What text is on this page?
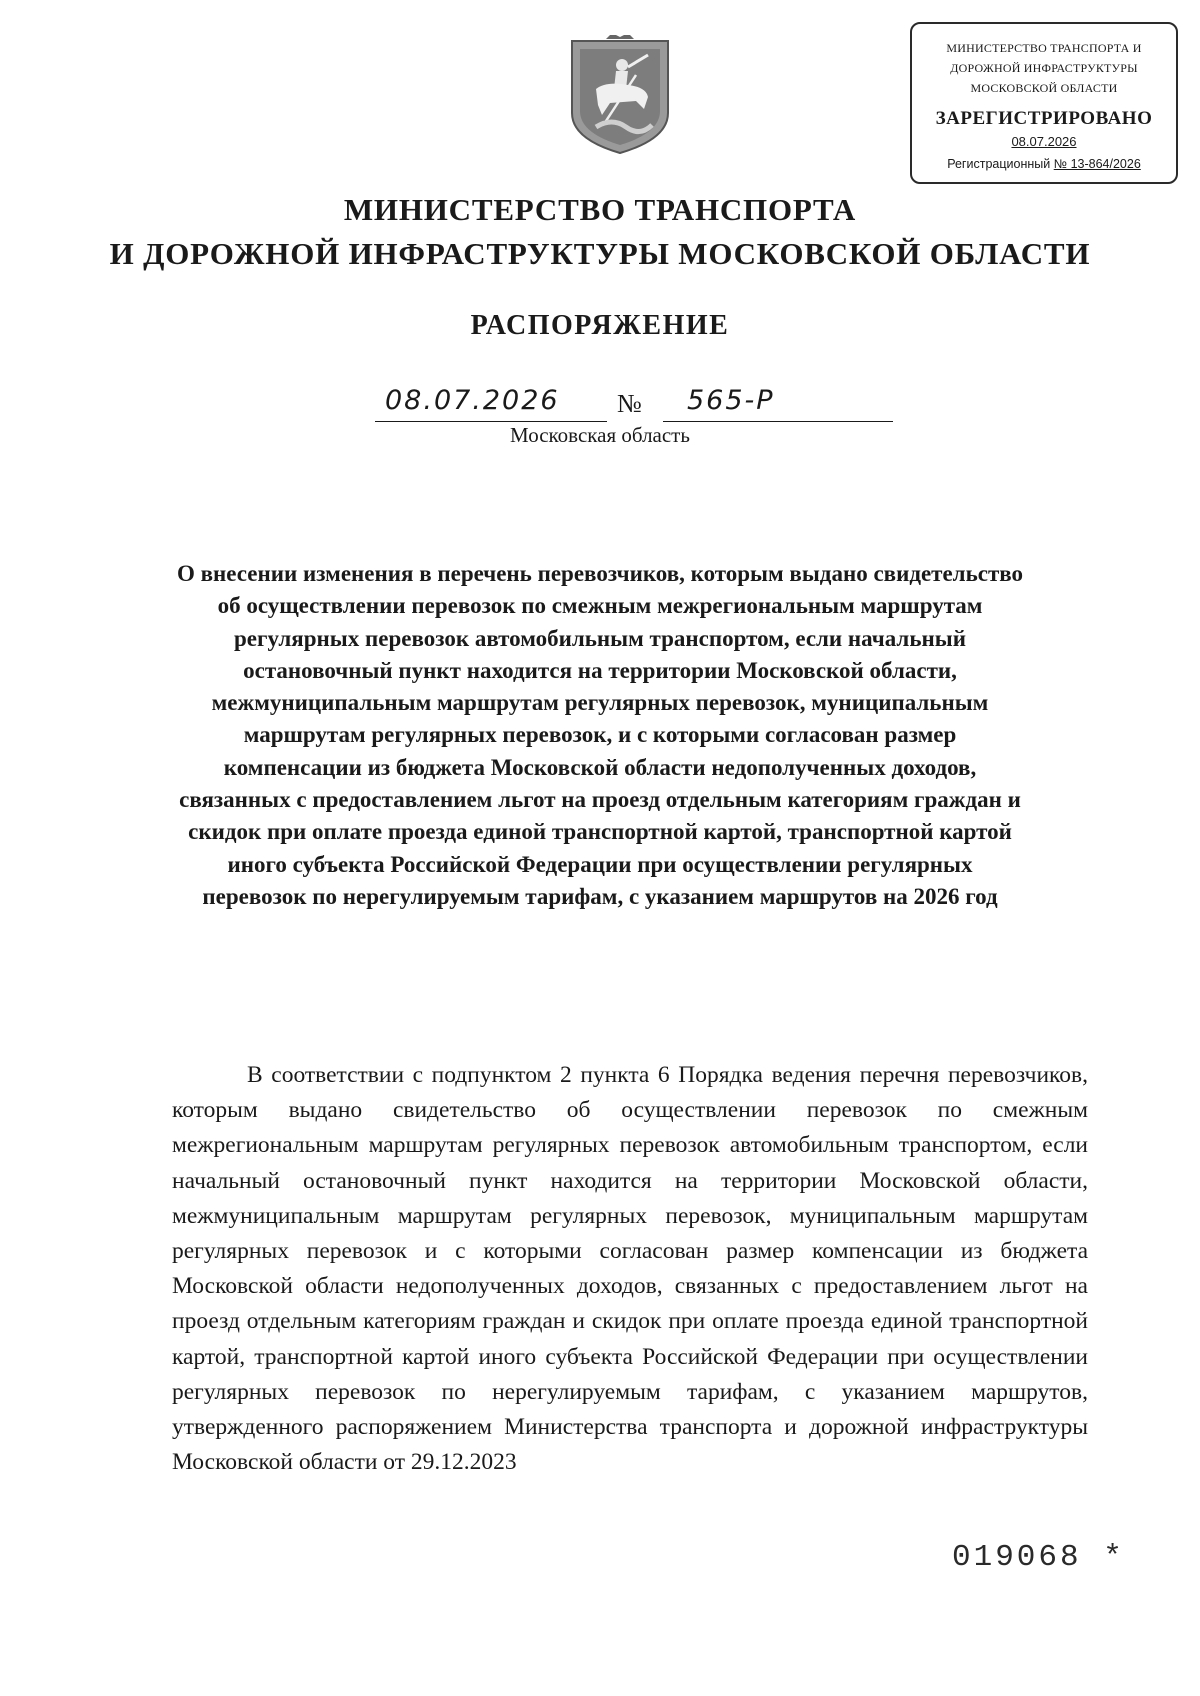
МИНИСТЕРСТВО ТРАНСПОРТА И
ДОРОЖНОЙ ИНФРАСТРУКТУРЫ
МОСКОВСКОЙ ОБЛАСТИ
ЗАРЕГИСТРИРОВАНО
08.07.2026
Регистрационный № 13-864/2026
МИНИСТЕРСТВО ТРАНСПОРТА
И ДОРОЖНОЙ ИНФРАСТРУКТУРЫ МОСКОВСКОЙ ОБЛАСТИ
РАСПОРЯЖЕНИЕ
08.07.2026 № 565-Р
Московская область
О внесении изменения в перечень перевозчиков, которым выдано свидетельство об осуществлении перевозок по смежным межрегиональным маршрутам регулярных перевозок автомобильным транспортом, если начальный остановочный пункт находится на территории Московской области, межмуниципальным маршрутам регулярных перевозок, муниципальным маршрутам регулярных перевозок, и с которыми согласован размер компенсации из бюджета Московской области недополученных доходов, связанных с предоставлением льгот на проезд отдельным категориям граждан и скидок при оплате проезда единой транспортной картой, транспортной картой иного субъекта Российской Федерации при осуществлении регулярных перевозок по нерегулируемым тарифам, с указанием маршрутов на 2026 год
В соответствии с подпунктом 2 пункта 6 Порядка ведения перечня перевозчиков, которым выдано свидетельство об осуществлении перевозок по смежным межрегиональным маршрутам регулярных перевозок автомобильным транспортом, если начальный остановочный пункт находится на территории Московской области, межмуниципальным маршрутам регулярных перевозок, муниципальным маршрутам регулярных перевозок и с которыми согласован размер компенсации из бюджета Московской области недополученных доходов, связанных с предоставлением льгот на проезд отдельным категориям граждан и скидок при оплате проезда единой транспортной картой, транспортной картой иного субъекта Российской Федерации при осуществлении регулярных перевозок по нерегулируемым тарифам, с указанием маршрутов, утвержденного распоряжением Министерства транспорта и дорожной инфраструктуры Московской области от 29.12.2023
019068 *
